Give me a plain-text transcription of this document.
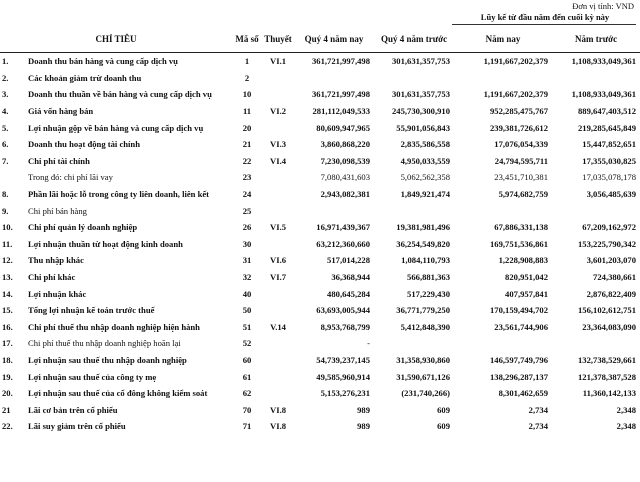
Đơn vị tính: VND
Lũy kế từ đầu năm đến cuối kỳ này
CHỈ TIÊU		Mã số	Thuyết	Quý 4 năm nay	Quý 4 năm trước	Năm nay	Năm trước
1.	Doanh thu bán hàng và cung cấp dịch vụ	1	VI.1	361,721,997,498	301,631,357,753	1,191,667,202,379	1,108,933,049,361
2.	Các khoản giảm trừ doanh thu	2					
3.	Doanh thu thuần về bán hàng và cung cấp dịch vụ	10		361,721,997,498	301,631,357,753	1,191,667,202,379	1,108,933,049,361
4.	Giá vốn hàng bán	11	VI.2	281,112,049,533	245,730,300,910	952,285,475,767	889,647,403,512
5.	Lợi nhuận gộp về bán hàng và cung cấp dịch vụ	20		80,609,947,965	55,901,056,843	239,381,726,612	219,285,645,849
6.	Doanh thu hoạt động tài chính	21	VI.3	3,860,868,220	2,835,586,558	17,076,054,339	15,447,852,651
7.	Chi phí tài chính	22	VI.4	7,230,098,539	4,950,033,559	24,794,595,711	17,355,030,825
	Trong đó: chi phí lãi vay	23		7,080,431,603	5,062,562,358	23,451,710,381	17,035,078,178
8.	Phần lãi hoặc lỗ trong công ty liên doanh, liên kết	24		2,943,082,381	1,849,921,474	5,974,682,759	3,056,485,639
9.	Chi phí bán hàng	25					
10.	Chi phí quản lý doanh nghiệp	26	VI.5	16,971,439,367	19,381,981,496	67,886,331,138	67,209,162,972
11.	Lợi nhuận thuần từ hoạt động kinh doanh	30		63,212,360,660	36,254,549,820	169,751,536,861	153,225,790,342
12.	Thu nhập khác	31	VI.6	517,014,228	1,084,110,793	1,228,908,883	3,601,203,070
13.	Chi phí khác	32	VI.7	36,368,944	566,881,363	820,951,042	724,380,661
14.	Lợi nhuận khác	40		480,645,284	517,229,430	407,957,841	2,876,822,409
15.	Tổng lợi nhuận kế toán trước thuế	50		63,693,005,944	36,771,779,250	170,159,494,702	156,102,612,751
16.	Chi phí thuế thu nhập doanh nghiệp hiện hành	51	V.14	8,953,768,799	5,412,848,390	23,561,744,906	23,364,083,090
17.	Chi phí thuế thu nhập doanh nghiệp hoãn lại	52		-			
18.	Lợi nhuận sau thuế thu nhập doanh nghiệp	60		54,739,237,145	31,358,930,860	146,597,749,796	132,738,529,661
19.	Lợi nhuận sau thuế của công ty mẹ	61		49,585,960,914	31,590,671,126	138,296,287,137	121,378,387,528
20.	Lợi nhuận sau thuế của cổ đông không kiểm soát	62		5,153,276,231	(231,740,266)	8,301,462,659	11,360,142,133
21	Lãi cơ bản trên cổ phiếu	70	VI.8	989	609	2,734	2,348
22.	Lãi suy giảm trên cổ phiếu	71	VI.8	989	609	2,734	2,348
